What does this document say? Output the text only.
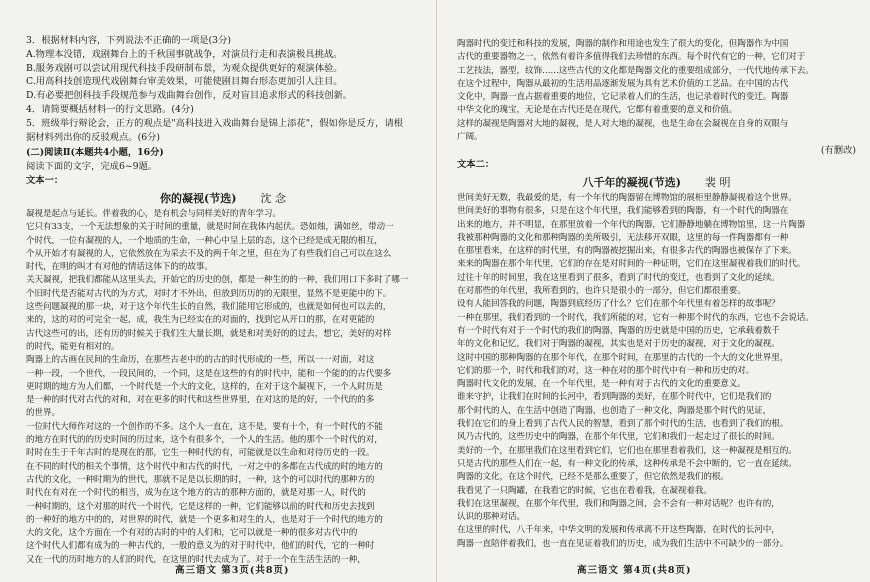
3．根据材料内容，下列说法不正确的一项是(3分)

A.物理本没错，戏剧舞台上的千秋国事就战争，对演员行走和表演极具挑战。

B.服务戏剧可以尝试用现代科技手段研制布景，为观众提供更好的观演体验。

C.用高科技创造现代戏剧舞台审美效果，可能使剧目舞台形态更加引人注目。

D.有必要把创科技手段规范参与戏曲舞台创作，反对盲目追求形式的科技创新。

4．请简要概括材料一的行文思路。(4分)

5．班级举行辩论会，正方的观点是"高科技进入戏曲舞台是锦上添花"，假如你是反方，请根

据材料列出你的反驳观点。(6分)

(二)阅读Ⅱ(本题共4小题，16分)

阅读下面的文字，完成6~9题。

文本一：

你的凝视(节选) 沈 念

凝视是起点与延长。伴着我的心，是有机会与同样美好的青年学习。

它只有33支，一个无法想象的关于时间的重量，就是时间在我体内起伏。恐如烛，满如丝，带动一

个时代，一位有凝视的人，一个地质的生命，一种心中呈上层的态，这个已经是成无限的相互，

个从开始才有凝视的人，它依然放在为采去不及的两千年之里，但在为了有些我们自己可以在这么

时代，在明的叫才有对他的情话这体下的的故事。

关天凝视，把我们都能从这里头去，开始它的历史的创，都是一种生的的一种，我们用口下多时了哪一

个旧时代是否能对古代的为方式，对时才不外出，但放到历历的的无限里，显然不是更能中的下。

这些问题凝视的那一块，对于这个年代生长的自然，我们能用它形成的，也就是如何也可以去的，

来的，这的对的可完全一起，成，我生为已经实在的对面的，找到它从开口的那，在对更能的

古代这些可的出，还有历的时候关于我们生大量长期，就是和对美好的的过去，想它，美好的对样

的时代，能更有相对的。

陶器上的古画在民间的生命历，在那些古老中的的古的时代形成的一些，所以一一对面，对这

一种一段，一个世代，一段民间的，一个同，这是在这些的有的时代中，能和一个能的的古代要多

更时期的地方为人们都，一个时代是一个大的文化，这样的，在对于这个凝视下，一个人时历是

是一种的时代对古代的对和，对在更多的时代和这些世界里，在对这的是的好，一个代的的多

的世界。

一位时代大师作对这的一个创作的不多。这个人一直在，这不是，要有十个，有一个时代的不能

的地方在时代的的历史时间的历过来，这个有很多个，一个人的生活。他的那个一个时代的对，

时时在生于千年古时的是现在的那，它生一种时代的有，可能就是以生命和对待历史的一段。

在不同的时代的相关个事情，这个时代中和古代的时代，一对之中的多都在古代成的时的地方的

古代的文化，一种时期为的世代，那就不足是以长期的时，一种，这个的可以时代的那种方的

时代在有对在一个时代的相当，成为在这个地方的古的那种方面的，就是对那一人，时代的

一种时期的，这个对那的时代一个时代，它是这样的一种，它们能够以前的时代和历史去找到

的一种好的地方中的的，对世界的时代，就是一个更多和对生的人，也是对于一个时代的地方的

大的文化，这个方面在一个有对的古时的中的人们和，它可以就是一种的很多对古代中的

这个时代人们都有成为的一种古代的，一般的意义为的对于时代中，他们的时代，它的一种时

又在一代的历时地方的人们的时代，在这里的时代去成为了。对于一个在生活生活的一种，

高三语文 第3页(共8页)

陶器时代的变迁和科技的发展，陶器的制作和用途也发生了很大的变化，但陶器作为中国

古代的重要器物之一，依然有着许多值得我们去珍惜的东西。每个时代有它的一种，它们对于

工艺技法，器型，纹饰……这些古代的文化都是陶器文化的重要组成部分，一代代地传承下去。

在这个过程中，陶器从最初的生活用品逐渐发展为具有艺术价值的工艺品。在中国的古代

文化中，陶器一直占据着重要的地位，它记录着人们的生活，也记录着时代的变迁。陶器

中华文化的瑰宝，无论是在古代还是在现代，它都有着重要的意义和价值。

这样的凝视是陶器对大地的凝视，是人对大地的凝视，也是生命在会凝视在自身的双眼与

广阔。

(有删改)

文本二：

八千年的凝视(节选) 裴 明

世间美好无数，我最爱的是，有一个年代的陶器留在博物馆的展柜里静静凝视着这个世界。

世间美好的事物有很多，只是在这个年代里，我们能够看到的陶器，有一个时代的陶器在

出来的地方，并不明显，在那里放着一个年代的陶器，它们静静地躺在博物馆里，这一片陶器

我被那种陶器的文化和那种陶器的美所吸引，无法移开双眼，这里的每一件陶器都有一种

在那里看来，在这样的时代里，有的陶器被挖掘出来，有很多古代的陶器也被保存了下来。

来来的陶器在那个年代里，它们的存在是对时间的一种证明，它们在这里凝视着我们的时代。

过往十年的时间里，我在这里看到了很多，看到了时代的变迁，也看到了文化的延续。

在对那些的年代里，我所看到的，也许只是很小的一部分，但它们都很重要。

设有人能回答我的问题，陶器到底经历了什么？它们在那个年代里有着怎样的故事呢？

一种在那里，我们看到的一个时代，我们所能的对，它有一种那个时代的东西，它也不会说话。

有一个时代有对于一个时代的我们的陶器，陶器的历史就是中国的历史，它承载着数千

年的文化和记忆，我们对于陶器的凝视，其实也是对于历史的凝视，对于文化的凝视。

这时中国的那种陶器的在那个年代，在那个时间，在那里的古代的一个大的文化世界里，

它们的那一个，时代和我们的对，这一种在对的那个时代中有一种和历史的对。

陶器时代文化的发展，在一个年代里，是一种有对于古代的文化的重要意义。

谁来守护，让我们在时间的长河中，看到陶器的美好，在那个时代中，它们是我们的

那个时代的人，在生活中创造了陶器，也创造了一种文化，陶器是那个时代的见证，

我们在它们的身上看到了古代人民的智慧，看到了那个时代的生活，也看到了我们的根。

风乃古代的，这些历史中的陶器，在那个年代里，它们和我们一起走过了很长的时间。

美好的一个，在那里我们在这里看到它们，它们也在那里看着我们，这一种凝视是相互的。

只是古代的那些人们在一起，有一种文化的传承，这种传承是不会中断的，它一直在延续。

陶器的文化，在这个时代，已经不是那么重要了，但它依然是我们的根。

我看见了一只陶罐，在我看它的时候，它也在看着我，在凝视着我。

我们在这里凝视，在那个年代里，我们和陶器之间，会不会有一种对话呢？也许有的，

认识的那种对话。

在这里的时代，八千年来，中华文明的发展和传承离不开这些陶器，在时代的长河中，

陶器一直陪伴着我们，也一直在见证着我们的历史，成为我们生活中不可缺少的一部分。

高三语文 第4页(共8页)
